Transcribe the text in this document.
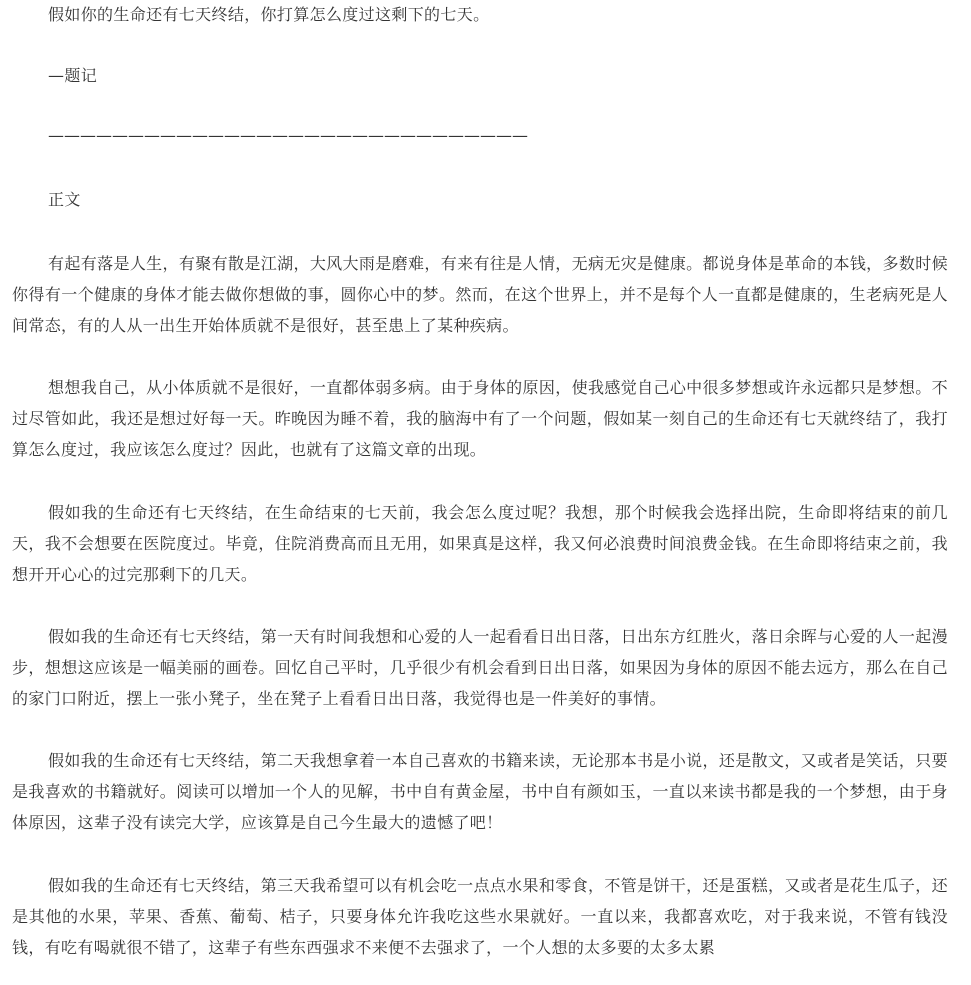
假如你的生命还有七天终结，你打算怎么度过这剩下的七天。

—题记

——————————————————————————————

正文

有起有落是人生，有聚有散是江湖，大风大雨是磨难，有来有往是人情，无病无灾是健康。都说身体是革命的本钱，多数时候你得有一个健康的身体才能去做你想做的事，圆你心中的梦。然而，在这个世界上，并不是每个人一直都是健康的，生老病死是人间常态，有的人从一出生开始体质就不是很好，甚至患上了某种疾病。

想想我自己，从小体质就不是很好，一直都体弱多病。由于身体的原因，使我感觉自己心中很多梦想或许永远都只是梦想。不过尽管如此，我还是想过好每一天。昨晚因为睡不着，我的脑海中有了一个问题，假如某一刻自己的生命还有七天就终结了，我打算怎么度过，我应该怎么度过？因此，也就有了这篇文章的出现。

假如我的生命还有七天终结，在生命结束的七天前，我会怎么度过呢？我想，那个时候我会选择出院，生命即将结束的前几天，我不会想要在医院度过。毕竟，住院消费高而且无用，如果真是这样，我又何必浪费时间浪费金钱。在生命即将结束之前，我想开开心心的过完那剩下的几天。

假如我的生命还有七天终结，第一天有时间我想和心爱的人一起看看日出日落，日出东方红胜火，落日余晖与心爱的人一起漫步，想想这应该是一幅美丽的画卷。回忆自己平时，几乎很少有机会看到日出日落，如果因为身体的原因不能去远方，那么在自己的家门口附近，摆上一张小凳子，坐在凳子上看看日出日落，我觉得也是一件美好的事情。

假如我的生命还有七天终结，第二天我想拿着一本自己喜欢的书籍来读，无论那本书是小说，还是散文，又或者是笑话，只要是我喜欢的书籍就好。阅读可以增加一个人的见解，书中自有黄金屋，书中自有颜如玉，一直以来读书都是我的一个梦想，由于身体原因，这辈子没有读完大学，应该算是自己今生最大的遗憾了吧！

假如我的生命还有七天终结，第三天我希望可以有机会吃一点点水果和零食，不管是饼干，还是蛋糕，又或者是花生瓜子，还是其他的水果，苹果、香蕉、葡萄、桔子，只要身体允许我吃这些水果就好。一直以来，我都喜欢吃，对于我来说，不管有钱没钱，有吃有喝就很不错了，这辈子有些东西强求不来便不去强求了，一个人想的太多要的太多太累
